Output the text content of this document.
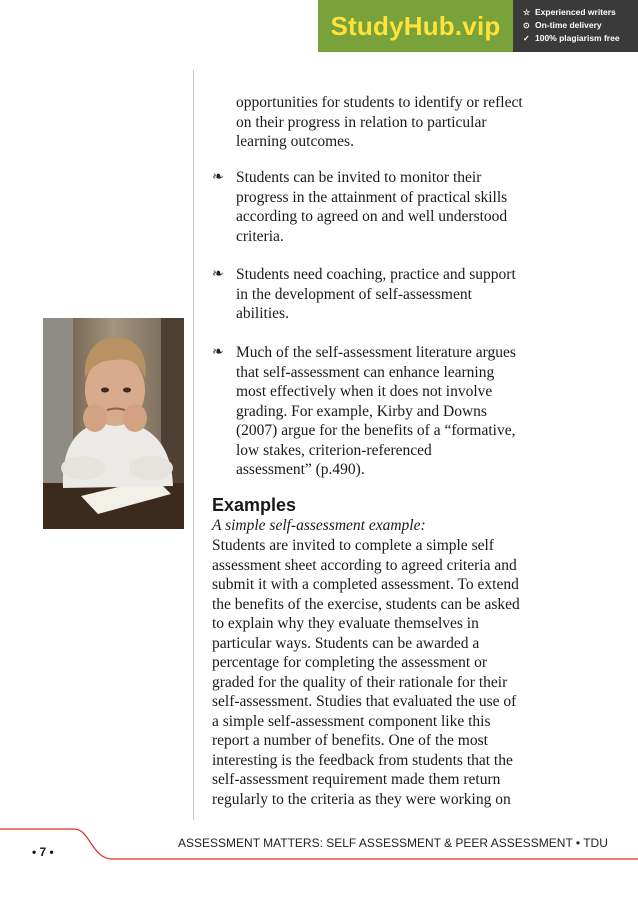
StudyHub.vip	☆ Experienced writers
⊙ On-time delivery
✓ 100% plagiarism free
opportunities for students to identify or reflect
on their progress in relation to particular
learning outcomes.
❧ Students can be invited to monitor their
progress in the attainment of practical skills
according to agreed on and well understood
criteria.
❧ Students need coaching, practice and support
in the development of self-assessment
abilities.
❧ Much of the self-assessment literature argues
that self-assessment can enhance learning
most effectively when it does not involve
grading. For example, Kirby and Downs
(2007) argue for the benefits of a “formative,
low stakes, criterion-referenced
assessment” (p.490).
Examples
A simple self-assessment example:
Students are invited to complete a simple self
assessment sheet according to agreed criteria and
submit it with a completed assessment. To extend
the benefits of the exercise, students can be asked
to explain why they evaluate themselves in
particular ways. Students can be awarded a
percentage for completing the assessment or
graded for the quality of their rationale for their
self-assessment. Studies that evaluated the use of
a simple self-assessment component like this
report a number of benefits. One of the most
interesting is the feedback from students that the
self-assessment requirement made them return
regularly to the criteria as they were working on
• 7 •
ASSESSMENT MATTERS: SELF ASSESSMENT & PEER ASSESSMENT • TDU
